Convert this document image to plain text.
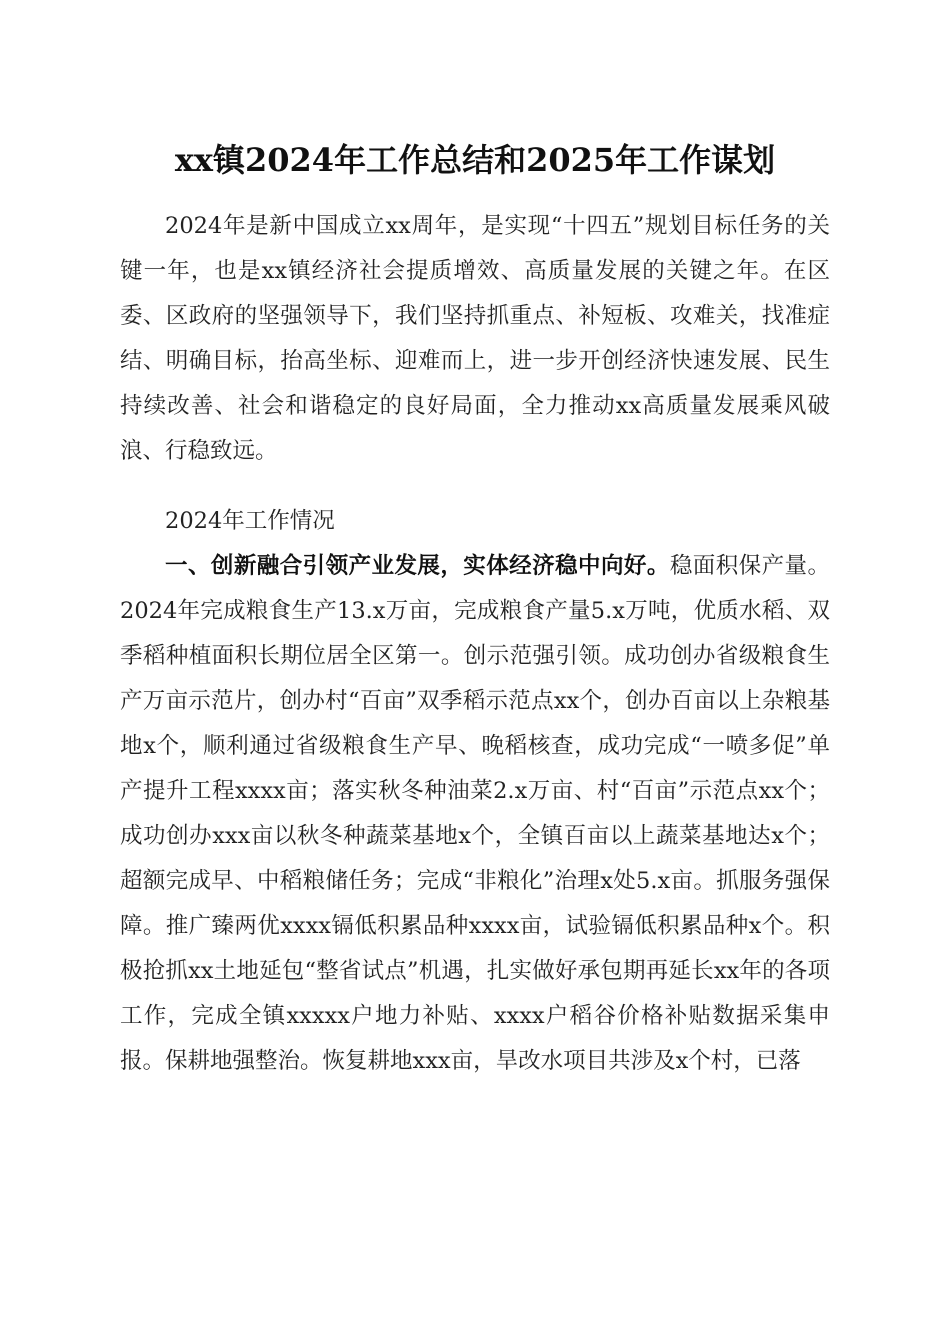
xx镇2024年工作总结和2025年工作谋划

2024年是新中国成立xx周年，是实现“十四五”规划目标任务的关键一年，也是xx镇经济社会提质增效、高质量发展的关键之年。在区委、区政府的坚强领导下，我们坚持抓重点、补短板、攻难关，找准症结、明确目标，抬高坐标、迎难而上，进一步开创经济快速发展、民生持续改善、社会和谐稳定的良好局面，全力推动xx高质量发展乘风破浪、行稳致远。

2024年工作情况

一、创新融合引领产业发展，实体经济稳中向好。稳面积保产量。2024年完成粮食生产13.x万亩，完成粮食产量5.x万吨，优质水稻、双季稻种植面积长期位居全区第一。创示范强引领。成功创办省级粮食生产万亩示范片，创办村“百亩”双季稻示范点xx个，创办百亩以上杂粮基地x个，顺利通过省级粮食生产早、晚稻核查，成功完成“一喷多促”单产提升工程xxxx亩；落实秋冬种油菜2.x万亩、村“百亩”示范点xx个；成功创办xxx亩以秋冬种蔬菜基地x个，全镇百亩以上蔬菜基地达x个；超额完成早、中稻粮储任务；完成“非粮化”治理x处5.x亩。抓服务强保障。推广臻两优xxxx镉低积累品种xxxx亩，试验镉低积累品种x个。积极抢抓xx土地延包“整省试点”机遇，扎实做好承包期再延长xx年的各项工作，完成全镇xxxxx户地力补贴、xxxx户稻谷价格补贴数据采集申报。保耕地强整治。恢复耕地xxx亩，旱改水项目共涉及x个村，已落
